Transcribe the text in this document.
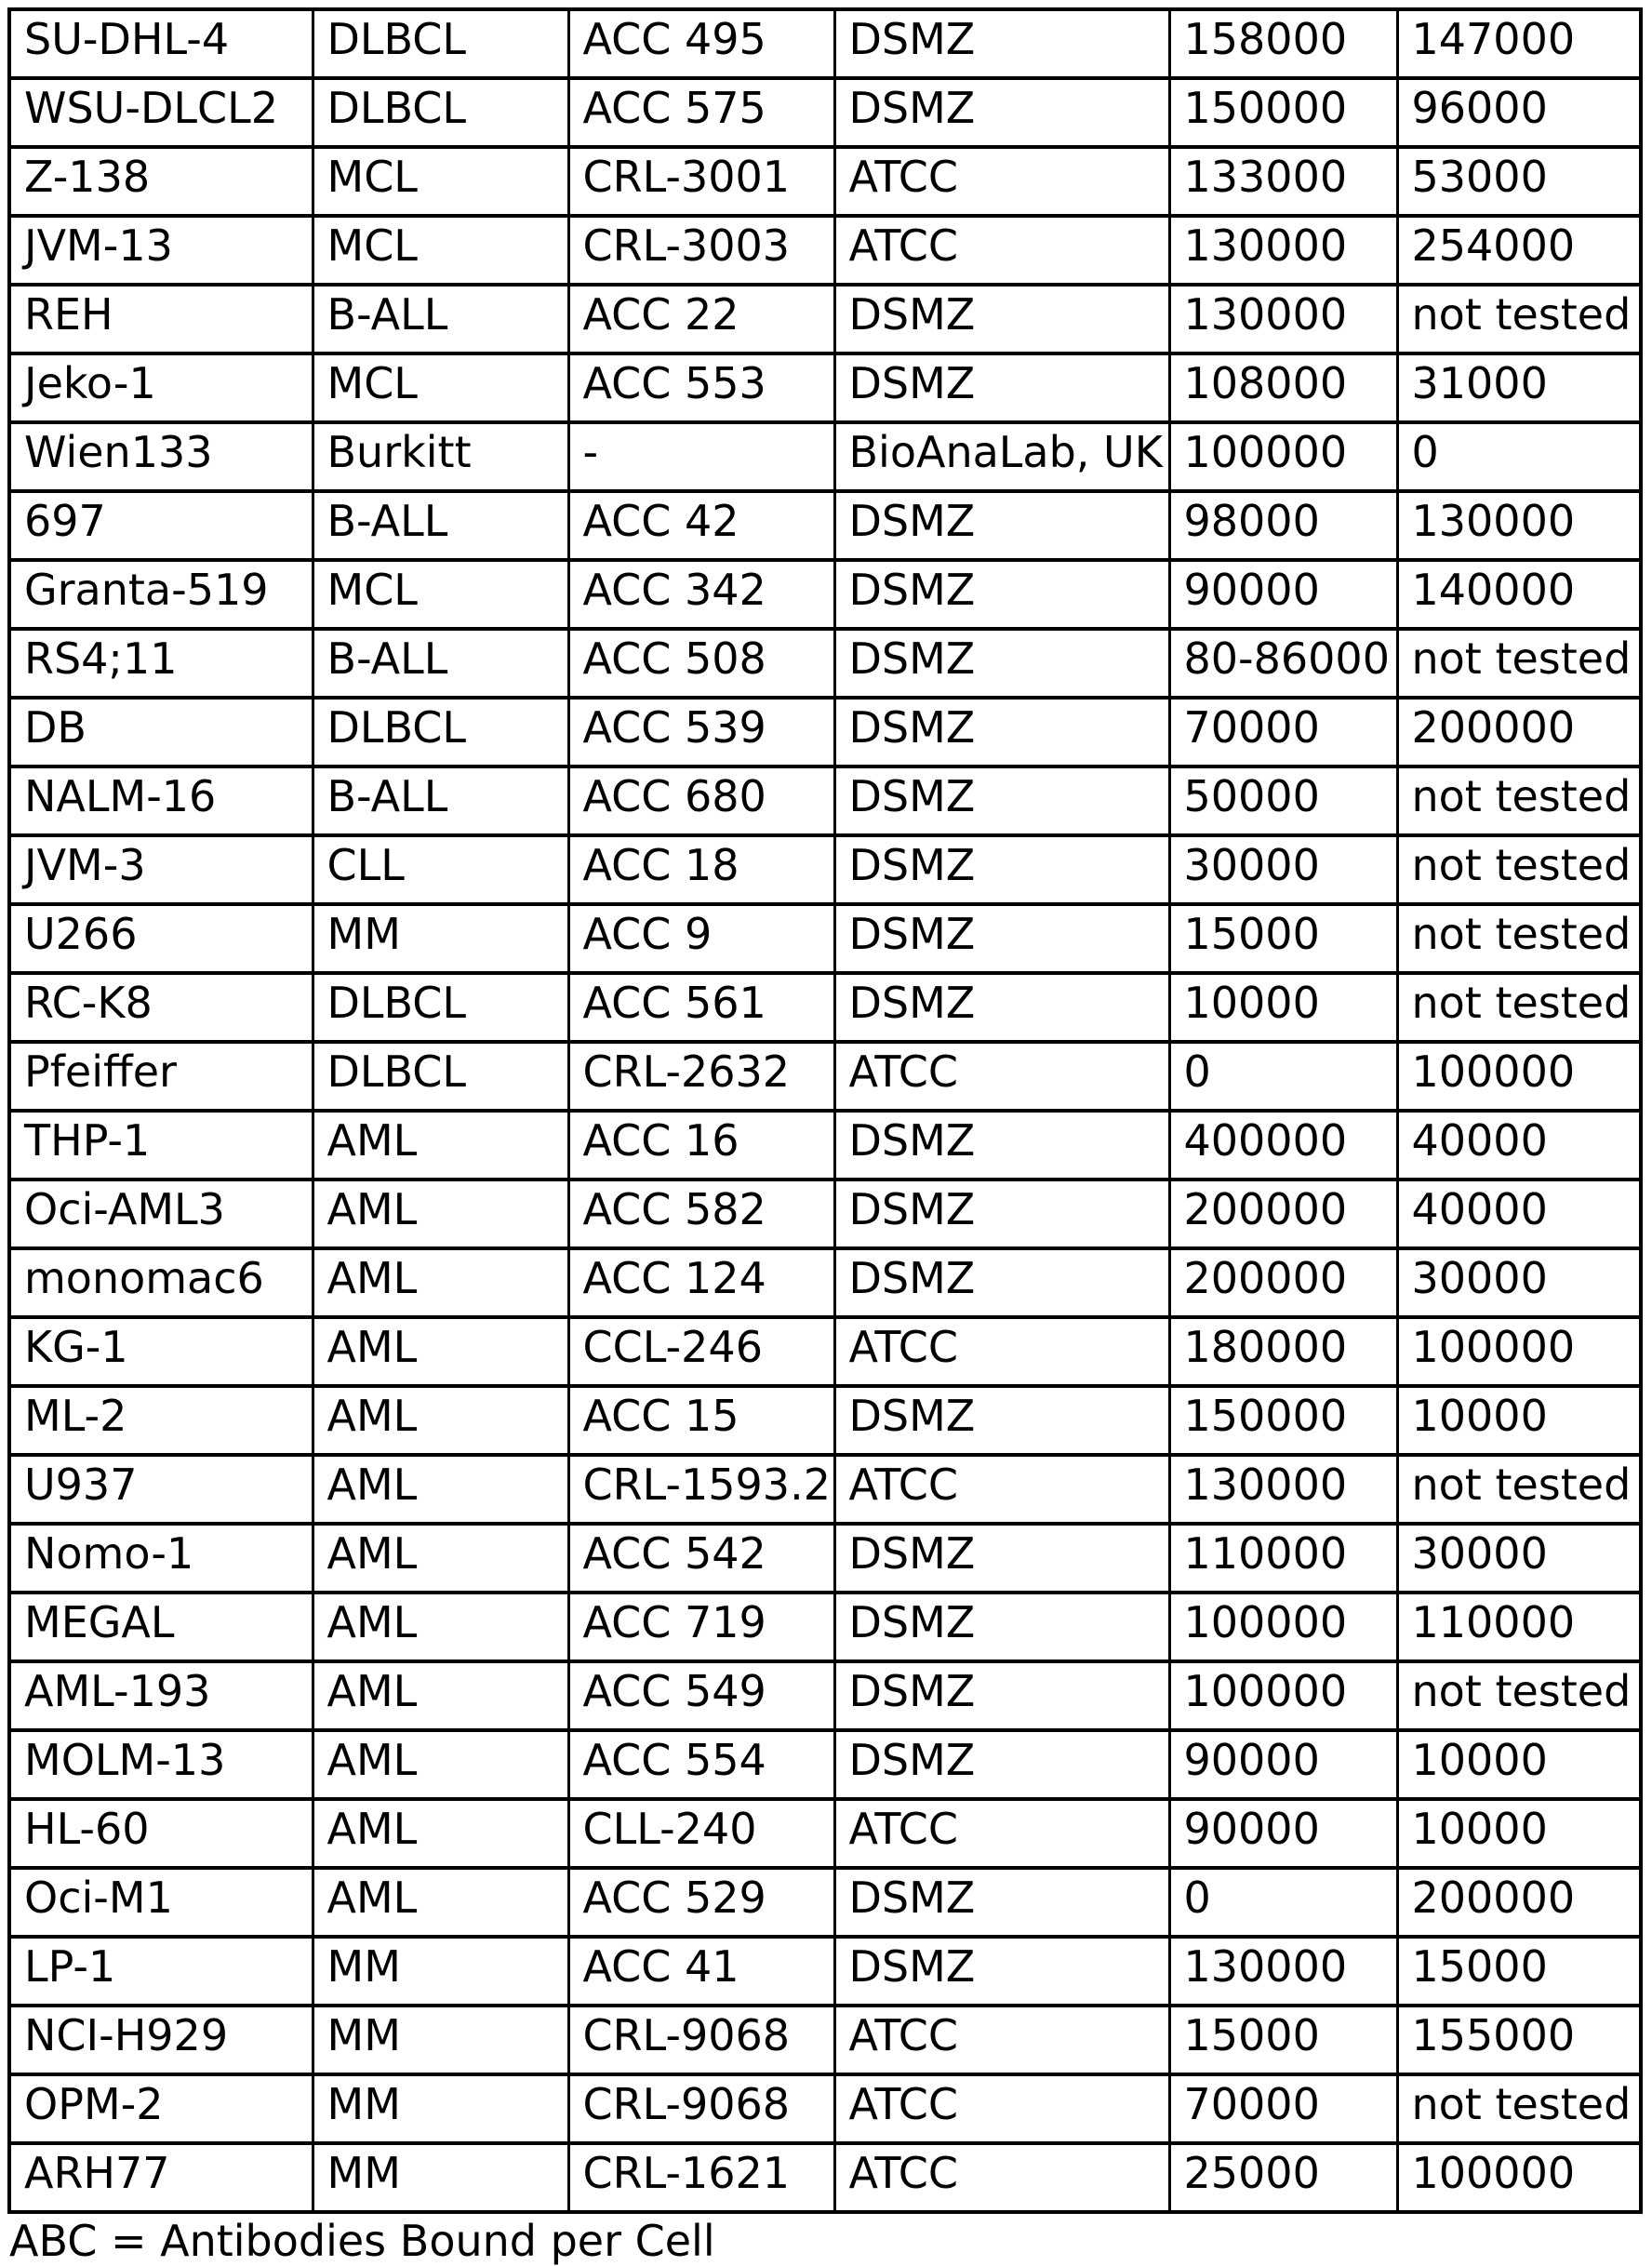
SU-DHL-4	DLBCL	ACC 495	DSMZ	158000	147000
WSU-DLCL2	DLBCL	ACC 575	DSMZ	150000	96000
Z-138	MCL	CRL-3001	ATCC	133000	53000
JVM-13	MCL	CRL-3003	ATCC	130000	254000
REH	B-ALL	ACC 22	DSMZ	130000	not tested
Jeko-1	MCL	ACC 553	DSMZ	108000	31000
Wien133	Burkitt	-	BioAnaLab, UK	100000	0
697	B-ALL	ACC 42	DSMZ	98000	130000
Granta-519	MCL	ACC 342	DSMZ	90000	140000
RS4;11	B-ALL	ACC 508	DSMZ	80-86000	not tested
DB	DLBCL	ACC 539	DSMZ	70000	200000
NALM-16	B-ALL	ACC 680	DSMZ	50000	not tested
JVM-3	CLL	ACC 18	DSMZ	30000	not tested
U266	MM	ACC 9	DSMZ	15000	not tested
RC-K8	DLBCL	ACC 561	DSMZ	10000	not tested
Pfeiffer	DLBCL	CRL-2632	ATCC	0	100000
THP-1	AML	ACC 16	DSMZ	400000	40000
Oci-AML3	AML	ACC 582	DSMZ	200000	40000
monomac6	AML	ACC 124	DSMZ	200000	30000
KG-1	AML	CCL-246	ATCC	180000	100000
ML-2	AML	ACC 15	DSMZ	150000	10000
U937	AML	CRL-1593.2	ATCC	130000	not tested
Nomo-1	AML	ACC 542	DSMZ	110000	30000
MEGAL	AML	ACC 719	DSMZ	100000	110000
AML-193	AML	ACC 549	DSMZ	100000	not tested
MOLM-13	AML	ACC 554	DSMZ	90000	10000
HL-60	AML	CLL-240	ATCC	90000	10000
Oci-M1	AML	ACC 529	DSMZ	0	200000
LP-1	MM	ACC 41	DSMZ	130000	15000
NCI-H929	MM	CRL-9068	ATCC	15000	155000
OPM-2	MM	CRL-9068	ATCC	70000	not tested
ARH77	MM	CRL-1621	ATCC	25000	100000
ABC = Antibodies Bound per Cell
